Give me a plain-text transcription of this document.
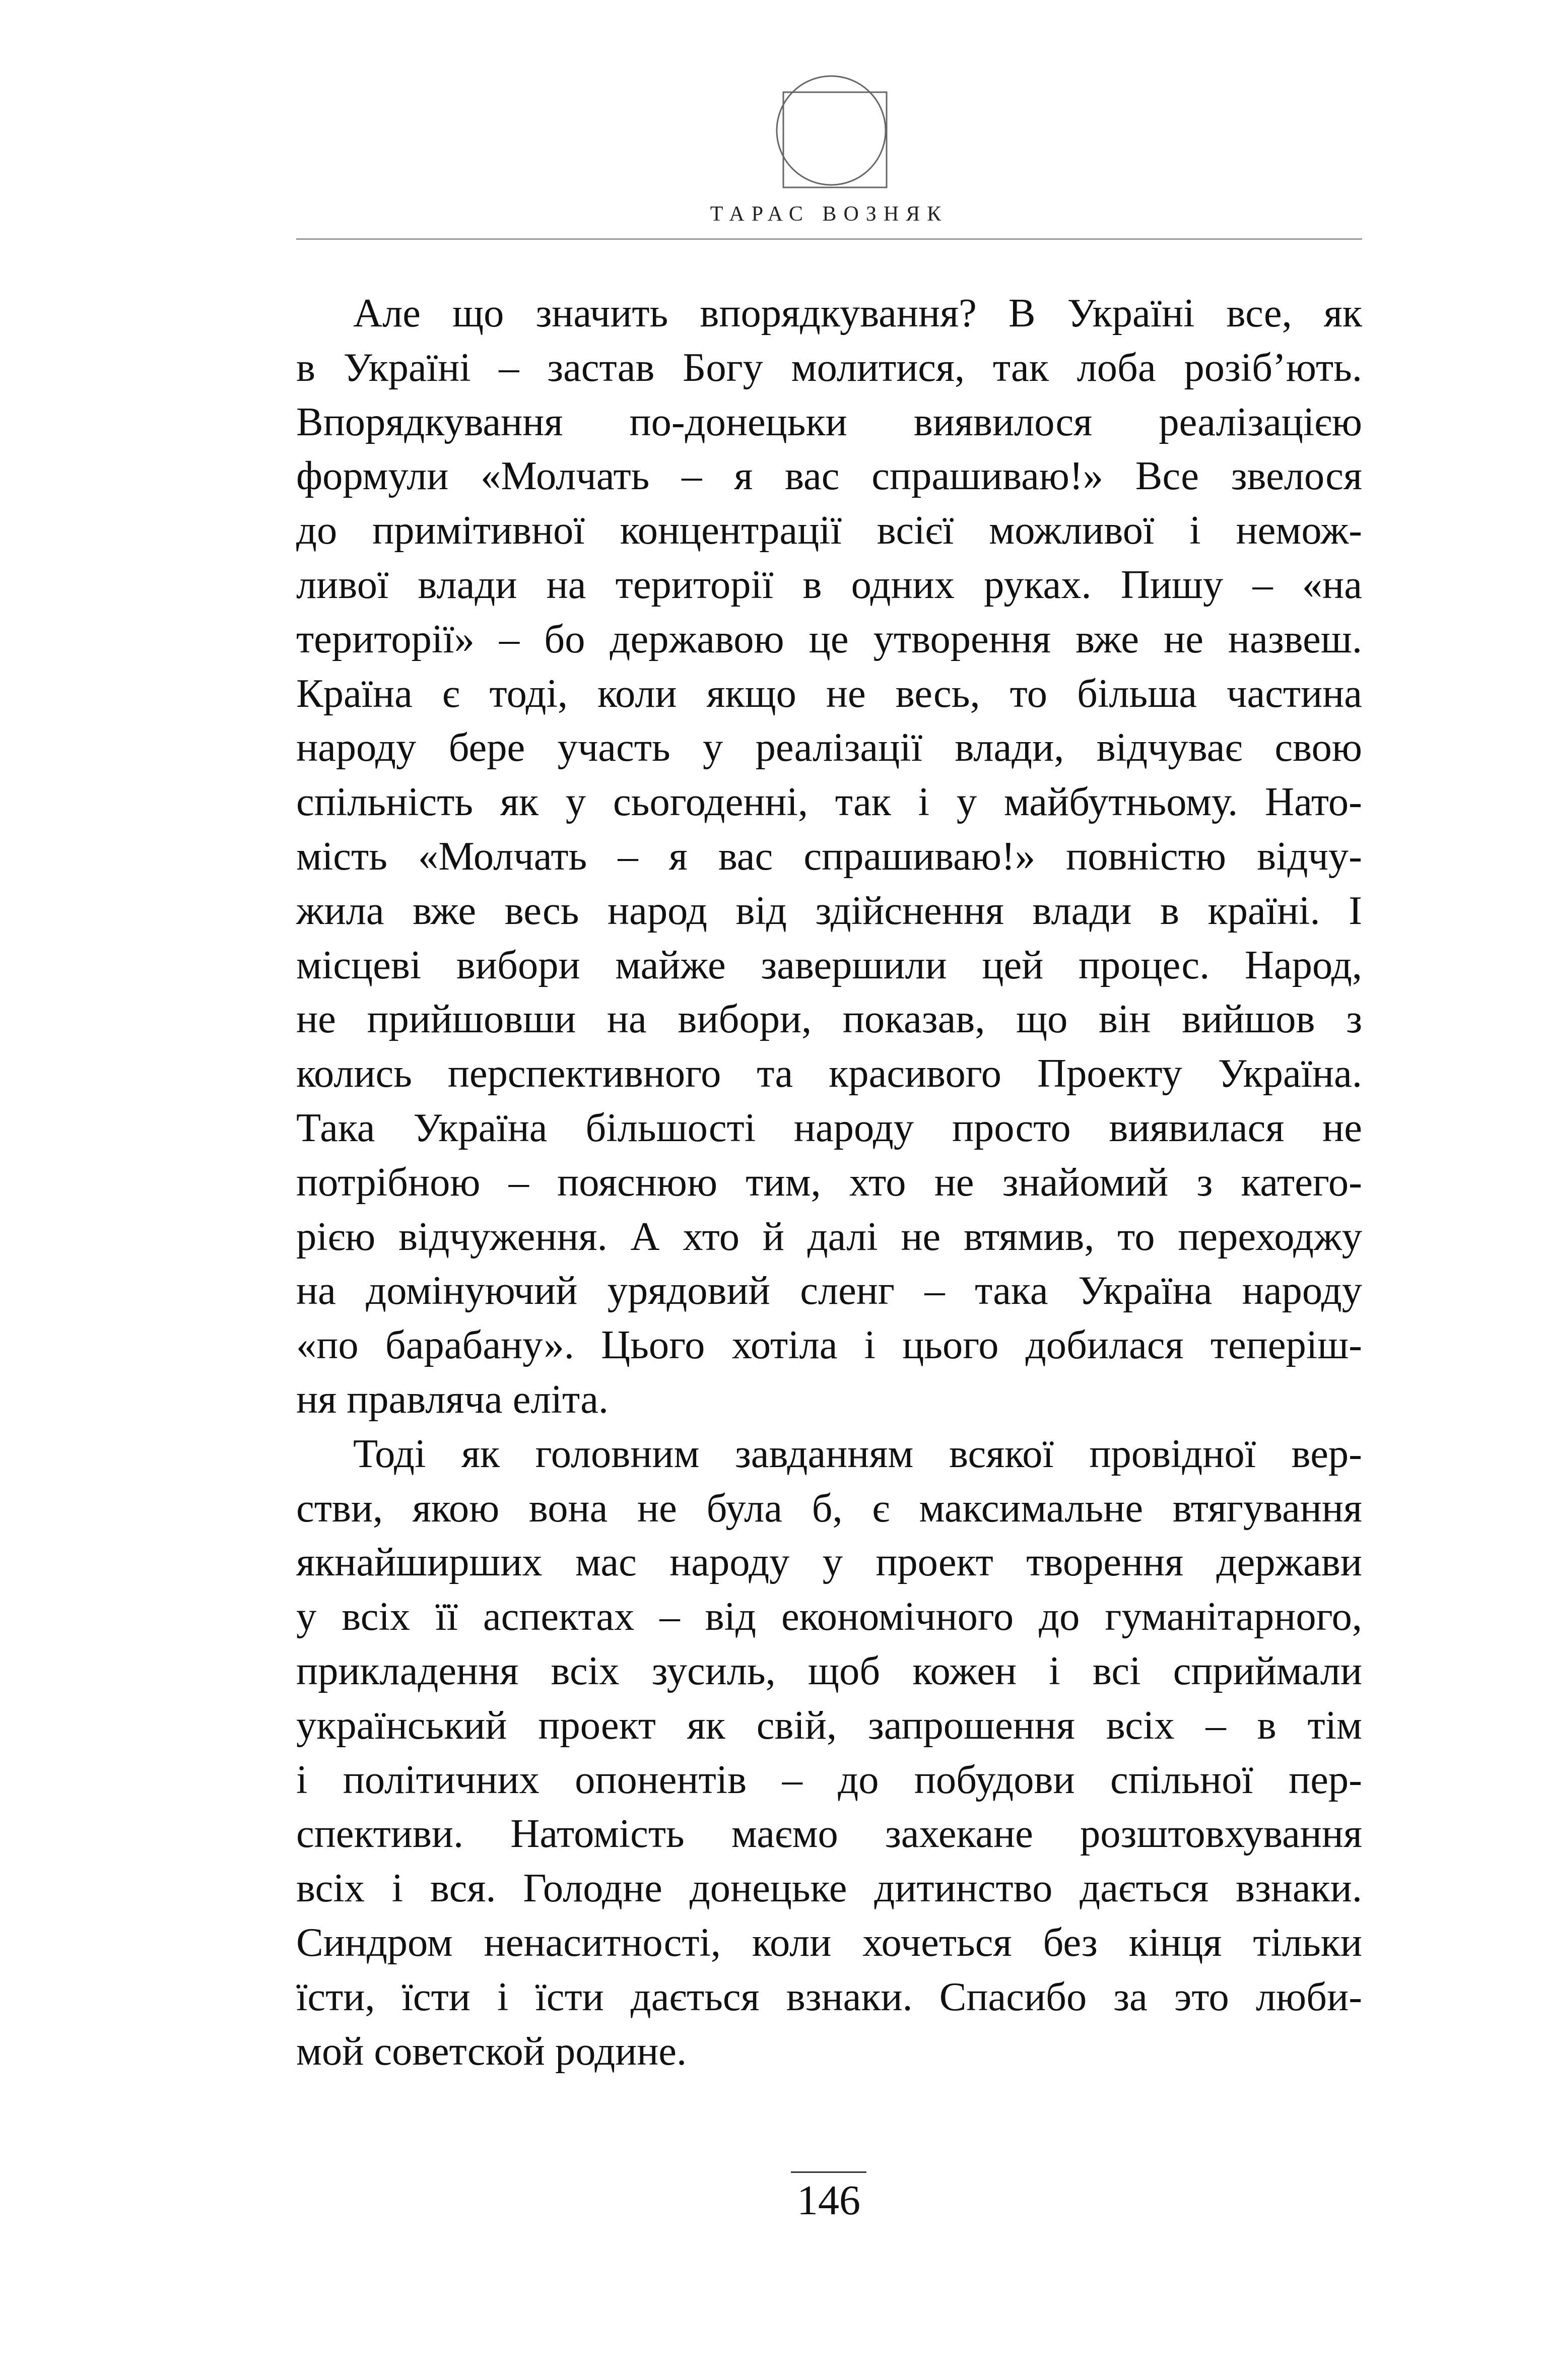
ТАРАС ВОЗНЯК
Але що значить впорядкування? В Україні все, як
в Україні – застав Богу молитися, так лоба розіб’ють.
Впорядкування по-донецьки виявилося реалізацією
формули «Молчать – я вас спрашиваю!» Все звелося
до примітивної концентрації всієї можливої і немож-
ливої влади на території в одних руках. Пишу – «на
території» – бо державою це утворення вже не назвеш.
Країна є тоді, коли якщо не весь, то більша частина
народу бере участь у реалізації влади, відчуває свою
спільність як у сьогоденні, так і у майбутньому. Нато-
мість «Молчать – я вас спрашиваю!» повністю відчу-
жила вже весь народ від здійснення влади в країні. І
місцеві вибори майже завершили цей процес. Народ,
не прийшовши на вибори, показав, що він вийшов з
колись перспективного та красивого Проекту Україна.
Така Україна більшості народу просто виявилася не
потрібною – пояснюю тим, хто не знайомий з катего-
рією відчуження. А хто й далі не втямив, то переходжу
на домінуючий урядовий сленг – така Україна народу
«по барабану». Цього хотіла і цього добилася теперіш-
ня правляча еліта.
Тоді як головним завданням всякої провідної вер-
стви, якою вона не була б, є максимальне втягування
якнайширших мас народу у проект творення держави
у всіх її аспектах – від економічного до гуманітарного,
прикладення всіх зусиль, щоб кожен і всі сприймали
український проект як свій, запрошення всіх – в тім
і політичних опонентів – до побудови спільної пер-
спективи. Натомість маємо захекане розштовхування
всіх і вся. Голодне донецьке дитинство дається взнаки.
Синдром ненаситності, коли хочеться без кінця тільки
їсти, їсти і їсти дається взнаки. Спасибо за это люби-
мой советской родине.
146
